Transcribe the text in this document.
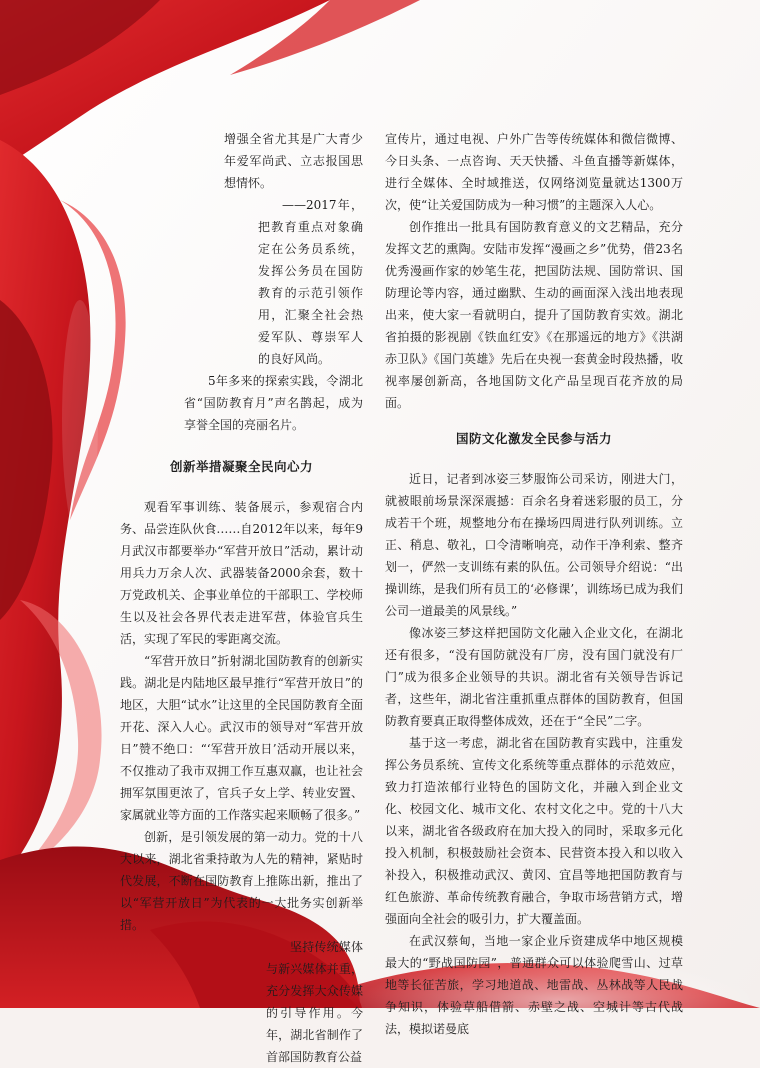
增强全省尤其是广大青少年爱军尚武、立志报国思想情怀。

——2017年，把教育重点对象确定在公务员系统，发挥公务员在国防教育的示范引领作用，汇聚全社会热爱军队、尊崇军人的良好风尚。

5年多来的探索实践，令湖北省“国防教育月”声名鹊起，成为享誉全国的亮丽名片。

创新举措凝聚全民向心力

观看军事训练、装备展示，参观宿合内务、品尝连队伙食……自2012年以来，每年9月武汉市都要举办“军营开放日”活动，累计动用兵力万余人次、武器装备2000余套，数十万党政机关、企事业单位的干部职工、学校师生以及社会各界代表走进军营，体验官兵生活，实现了军民的零距离交流。

“军营开放日”折射湖北国防教育的创新实践。湖北是内陆地区最早推行“军营开放日”的地区，大胆“试水”让这里的全民国防教育全面开花、深入人心。武汉市的领导对“军营开放日”赞不绝口：“‘军营开放日’活动开展以来，不仅推动了我市双拥工作互惠双赢，也让社会拥军氛围更浓了，官兵子女上学、转业安置、家属就业等方面的工作落实起来顺畅了很多。”

创新，是引领发展的第一动力。党的十八大以来，湖北省秉持敢为人先的精神，紧贴时代发展，不断在国防教育上推陈出新，推出了以“军营开放日”为代表的一大批务实创新举措。

坚持传统媒体与新兴媒体并重，充分发挥大众传媒的引导作用。今年，湖北省制作了首部国防教育公益

宣传片，通过电视、户外广告等传统媒体和微信微博、今日头条、一点咨询、天天快播、斗鱼直播等新媒体，进行全媒体、全时域推送，仅网络浏览量就达1300万次，使“让关爱国防成为一种习惯”的主题深入人心。

创作推出一批具有国防教育意义的文艺精品，充分发挥文艺的熏陶。安陆市发挥“漫画之乡”优势，借23名优秀漫画作家的妙笔生花，把国防法规、国防常识、国防理论等内容，通过幽默、生动的画面深入浅出地表现出来，使大家一看就明白，提升了国防教育实效。湖北省拍摄的影视剧《铁血红安》《在那遥远的地方》《洪湖赤卫队》《国门英雄》先后在央视一套黄金时段热播，收视率屡创新高，各地国防文化产品呈现百花齐放的局面。

国防文化激发全民参与活力

近日，记者到冰姿三梦服饰公司采访，刚进大门，就被眼前场景深深震撼：百余名身着迷彩服的员工，分成若干个班，规整地分布在操场四周进行队列训练。立正、稍息、敬礼，口令清晰响亮，动作干净利索、整齐划一，俨然一支训练有素的队伍。公司领导介绍说：“出操训练，是我们所有员工的‘必修课’，训练场已成为我们公司一道最美的风景线。”

像冰姿三梦这样把国防文化融入企业文化，在湖北还有很多，“没有国防就没有厂房，没有国门就没有厂门”成为很多企业领导的共识。湖北省有关领导告诉记者，这些年，湖北省注重抓重点群体的国防教育，但国防教育要真正取得整体成效，还在于“全民”二字。

基于这一考虑，湖北省在国防教育实践中，注重发挥公务员系统、宣传文化系统等重点群体的示范效应，致力打造浓郁行业特色的国防文化，并融入到企业文化、校园文化、城市文化、农村文化之中。党的十八大以来，湖北省各级政府在加大投入的同时，采取多元化投入机制，积极鼓励社会资本、民营资本投入和以收入补投入，积极推动武汉、黄冈、宜昌等地把国防教育与红色旅游、革命传统教育融合，争取市场营销方式，增强面向全社会的吸引力，扩大覆盖面。

在武汉蔡甸，当地一家企业斥资建成华中地区规模最大的“野战国防园”，普通群众可以体验爬雪山、过草地等长征苦旅，学习地道战、地雷战、丛林战等人民战争知识，体验草船借箭、赤壁之战、空城计等古代战法，模拟诺曼底
